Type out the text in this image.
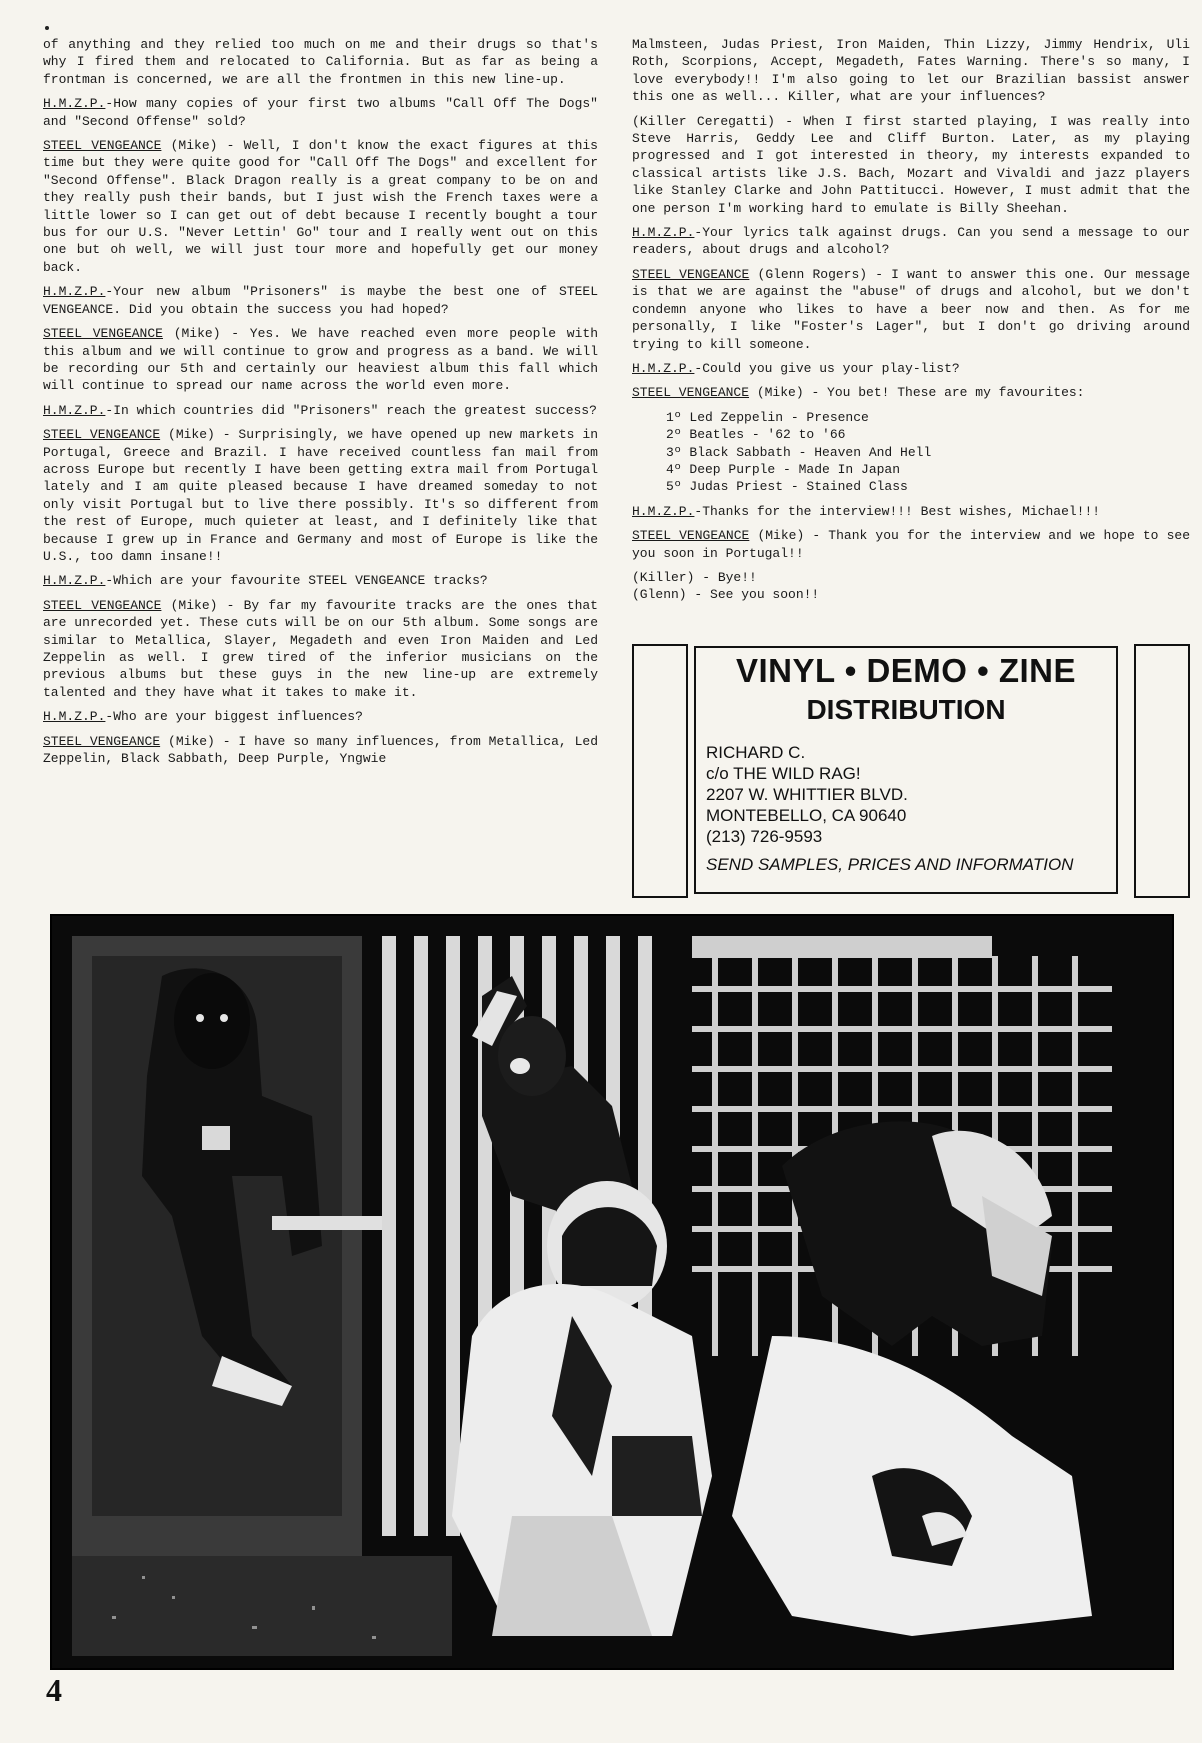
of anything and they relied too much on me and their drugs so that's why I fired them and relocated to California. But as far as being a frontman is concerned, we are all the frontmen in this new line-up.
H.M.Z.P.-How many copies of your first two albums "Call Off The Dogs" and "Second Offense" sold?
STEEL VENGEANCE (Mike) - Well, I don't know the exact figures at this time but they were quite good for "Call Off The Dogs" and excellent for "Second Offense". Black Dragon really is a great company to be on and they really push their bands, but I just wish the French taxes were a little lower so I can get out of debt because I recently bought a tour bus for our U.S. "Never Lettin' Go" tour and I really went out on this one but oh well, we will just tour more and hopefully get our money back.
H.M.Z.P.-Your new album "Prisoners" is maybe the best one of STEEL VENGEANCE. Did you obtain the success you had hoped?
STEEL VENGEANCE (Mike) - Yes. We have reached even more people with this album and we will continue to grow and progress as a band. We will be recording our 5th and certainly our heaviest album this fall which will continue to spread our name across the world even more.
H.M.Z.P.-In which countries did "Prisoners" reach the greatest success?
STEEL VENGEANCE (Mike) - Surprisingly, we have opened up new markets in Portugal, Greece and Brazil. I have received countless fan mail from across Europe but recently I have been getting extra mail from Portugal lately and I am quite pleased because I have dreamed someday to not only visit Portugal but to live there possibly. It's so different from the rest of Europe, much quieter at least, and I definitely like that because I grew up in France and Germany and most of Europe is like the U.S., too damn insane!!
H.M.Z.P.-Which are your favourite STEEL VENGEANCE tracks?
STEEL VENGEANCE (Mike) - By far my favourite tracks are the ones that are unrecorded yet. These cuts will be on our 5th album. Some songs are similar to Metallica, Slayer, Megadeth and even Iron Maiden and Led Zeppelin as well. I grew tired of the inferior musicians on the previous albums but these guys in the new line-up are extremely talented and they have what it takes to make it.
H.M.Z.P.-Who are your biggest influences?
STEEL VENGEANCE (Mike) - I have so many influences, from Metallica, Led Zeppelin, Black Sabbath, Deep Purple, Yngwie
Malmsteen, Judas Priest, Iron Maiden, Thin Lizzy, Jimmy Hendrix, Uli Roth, Scorpions, Accept, Megadeth, Fates Warning. There's so many, I love everybody!! I'm also going to let our Brazilian bassist answer this one as well... Killer, what are your influences?
(Killer Ceregatti) - When I first started playing, I was really into Steve Harris, Geddy Lee and Cliff Burton. Later, as my playing progressed and I got interested in theory, my interests expanded to classical artists like J.S. Bach, Mozart and Vivaldi and jazz players like Stanley Clarke and John Pattitucci. However, I must admit that the one person I'm working hard to emulate is Billy Sheehan.
H.M.Z.P.-Your lyrics talk against drugs. Can you send a message to our readers, about drugs and alcohol?
STEEL VENGEANCE (Glenn Rogers) - I want to answer this one. Our message is that we are against the "abuse" of drugs and alcohol, but we don't condemn anyone who likes to have a beer now and then. As for me personally, I like "Foster's Lager", but I don't go driving around trying to kill someone.
H.M.Z.P.-Could you give us your play-list?
STEEL VENGEANCE (Mike) - You bet! These are my favourites:
1º Led Zeppelin - Presence
2º Beatles - '62 to '66
3º Black Sabbath - Heaven And Hell
4º Deep Purple - Made In Japan
5º Judas Priest - Stained Class
H.M.Z.P.-Thanks for the interview!!! Best wishes, Michael!!!
STEEL VENGEANCE (Mike) - Thank you for the interview and we hope to see you soon in Portugal!!
(Killer) - Bye!!
(Glenn) - See you soon!!
VINYL • DEMO • ZINE
DISTRIBUTION
RICHARD C.
c/o THE WILD RAG!
2207 W. WHITTIER BLVD.
MONTEBELLO, CA 90640
(213) 726-9593
SEND SAMPLES, PRICES AND INFORMATION
4
